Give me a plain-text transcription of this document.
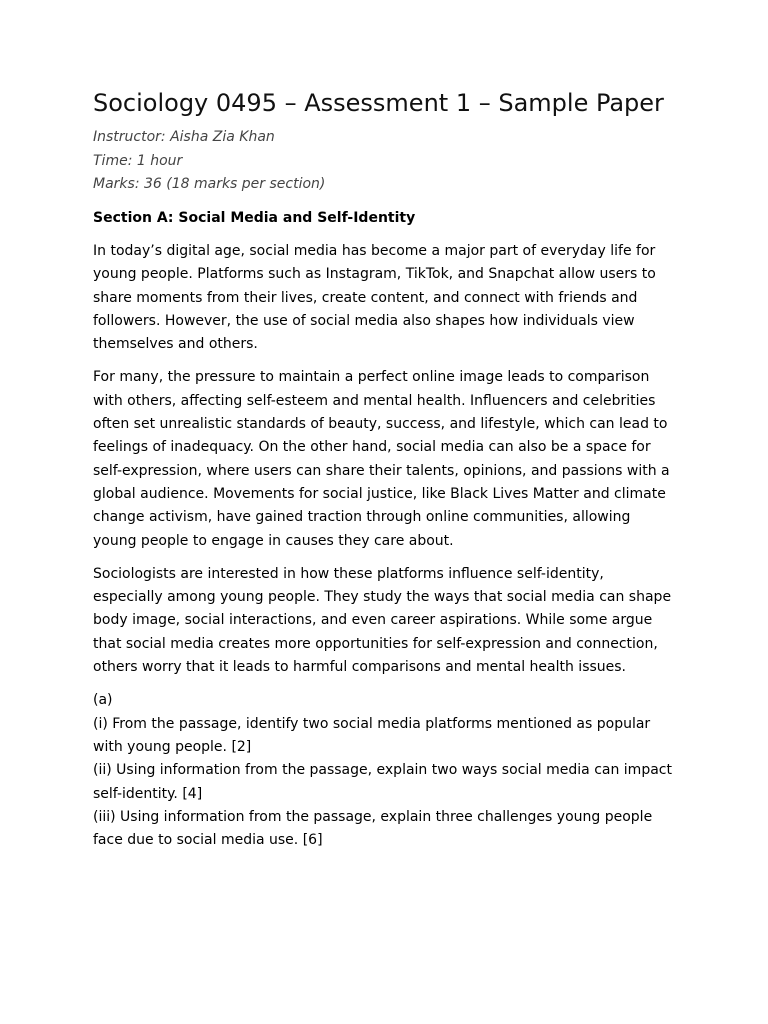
Sociology 0495 – Assessment 1 – Sample Paper

Instructor: Aisha Zia Khan

Time: 1 hour

Marks: 36 (18 marks per section)

Section A: Social Media and Self-Identity

In today’s digital age, social media has become a major part of everyday life for young people. Platforms such as Instagram, TikTok, and Snapchat allow users to share moments from their lives, create content, and connect with friends and followers. However, the use of social media also shapes how individuals view themselves and others.

For many, the pressure to maintain a perfect online image leads to comparison with others, affecting self-esteem and mental health. Influencers and celebrities often set unrealistic standards of beauty, success, and lifestyle, which can lead to feelings of inadequacy. On the other hand, social media can also be a space for self-expression, where users can share their talents, opinions, and passions with a global audience. Movements for social justice, like Black Lives Matter and climate change activism, have gained traction through online communities, allowing young people to engage in causes they care about.

Sociologists are interested in how these platforms influence self-identity, especially among young people. They study the ways that social media can shape body image, social interactions, and even career aspirations. While some argue that social media creates more opportunities for self-expression and connection, others worry that it leads to harmful comparisons and mental health issues.

(a)
(i) From the passage, identify two social media platforms mentioned as popular with young people. [2]
(ii) Using information from the passage, explain two ways social media can impact self-identity. [4]
(iii) Using information from the passage, explain three challenges young people face due to social media use. [6]
